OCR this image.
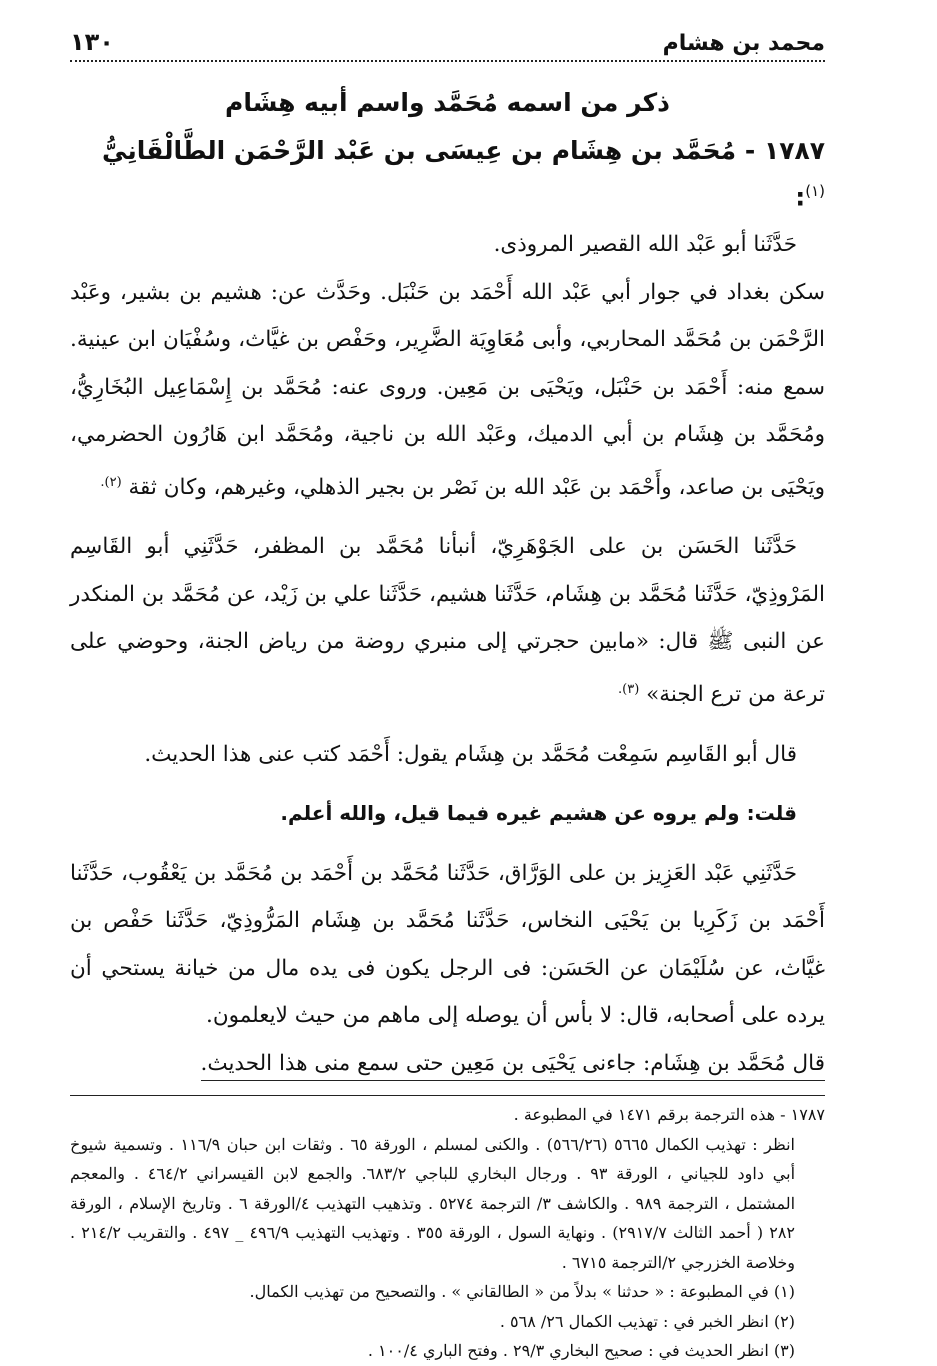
محمد بن هشام
١٣٠
ذكر من اسمه مُحَمَّد واسم أبيه هِشَام
١٧٨٧ - مُحَمَّد بن هِشَام بن عِيسَى بن عَبْد الرَّحْمَن الطَّالْقَانِيُّ $^{(١)}$:

حَدَّثَنا أبو عَبْد الله القصير المروذى.

سكن بغداد في جوار أبي عَبْد الله أَحْمَد بن حَنْبَل. وحَدَّث عن: هشيم بن بشير، وعَبْد الرَّحْمَن بن مُحَمَّد المحاربي، وأبى مُعَاوِيَة الضَّرِير، وحَفْص بن غيَّاث، وسُفْيَان ابن عينية. سمع منه: أَحْمَد بن حَنْبَل، ويَحْيَى بن مَعِين. وروى عنه: مُحَمَّد بن إِسْمَاعِيل البُخَارِيُّ، ومُحَمَّد بن هِشَام بن أبي الدميك، وعَبْد الله بن ناجية، ومُحَمَّد ابن هَارُون الحضرمي، ويَحْيَى بن صاعد، وأَحْمَد بن عَبْد الله بن نَصْر بن بجير الذهلي، وغيرهم، وكان ثقة $^{(٢).}$

حَدَّثَنا الحَسَن بن على الجَوْهَرِيّ، أنبأنا مُحَمَّد بن المظفر، حَدَّثَنِي أبو القَاسِم المَرْوذِيّ، حَدَّثَنا مُحَمَّد بن هِشَام، حَدَّثَنا هشيم، حَدَّثَنا علي بن زَيْد، عن مُحَمَّد بن المنكدر عن النبى ﷺ قال: «مابين حجرتي إلى منبري روضة من رياض الجنة، وحوضي على ترعة من ترع الجنة» $^{(٣).}$

قال أبو القَاسِم سَمِعْت مُحَمَّد بن هِشَام يقول: أَحْمَد كتب عنى هذا الحديث.

قلت: ولم يروه عن هشيم غيره فيما قيل، والله أعلم.

حَدَّثَنِي عَبْد العَزِيز بن على الوَرَّاق، حَدَّثَنا مُحَمَّد بن أَحْمَد بن مُحَمَّد بن يَعْقُوب، حَدَّثَنا أَحْمَد بن زَكَرِيا بن يَحْيَى النخاس، حَدَّثَنا مُحَمَّد بن هِشَام المَرُّوذِيّ، حَدَّثَنا حَفْص بن غيَّاث، عن سُلَيْمَان عن الحَسَن: فى الرجل يكون فى يده مال من خيانة يستحي أن يرده على أصحابه، قال: لا بأس أن يوصله إلى ماهم من حيث لايعلمون.

قال مُحَمَّد بن هِشَام: جاءنى يَحْيَى بن مَعِين حتى سمع منى هذا الحديث.

١٧٨٧ - هذه الترجمة برقم ١٤٧١ في المطبوعة .

انظر : تهذيب الكمال ٥٦٦٥ (٥٦٦/٢٦) . والكنى لمسلم ، الورقة ٦٥ . وثقات ابن حبان ١١٦/٩ . وتسمية شيوخ أبي داود للجياني ، الورقة ٩٣ . ورجال البخاري للباجي ٦٨٣/٢. والجمع لابن القيسراني ٤٦٤/٢ . والمعجم المشتمل ، الترجمة ٩٨٩ . والكاشف ٣/ الترجمة ٥٢٧٤ . وتذهيب التهذيب ٤/الورقة ٦ . وتاريخ الإسلام ، الورقة ٢٨٢ ( أحمد الثالث ٢٩١٧/٧) . ونهاية السول ، الورقة ٣٥٥ . وتهذيب التهذيب ٤٩٦/٩ _ ٤٩٧ . والتقريب ٢١٤/٢ . وخلاصة الخزرجي ٢/الترجمة ٦٧١٥ .

(١) في المطبوعة : « حدثنا » بدلاً من « الطالقاني » . والتصحيح من تهذيب الكمال.

(٢) انظر الخبر في : تهذيب الكمال ٢٦/ ٥٦٨ .

(٣) انظر الحديث في : صحيح البخاري ٢٩/٣ . وفتح الباري ١٠٠/٤ .
